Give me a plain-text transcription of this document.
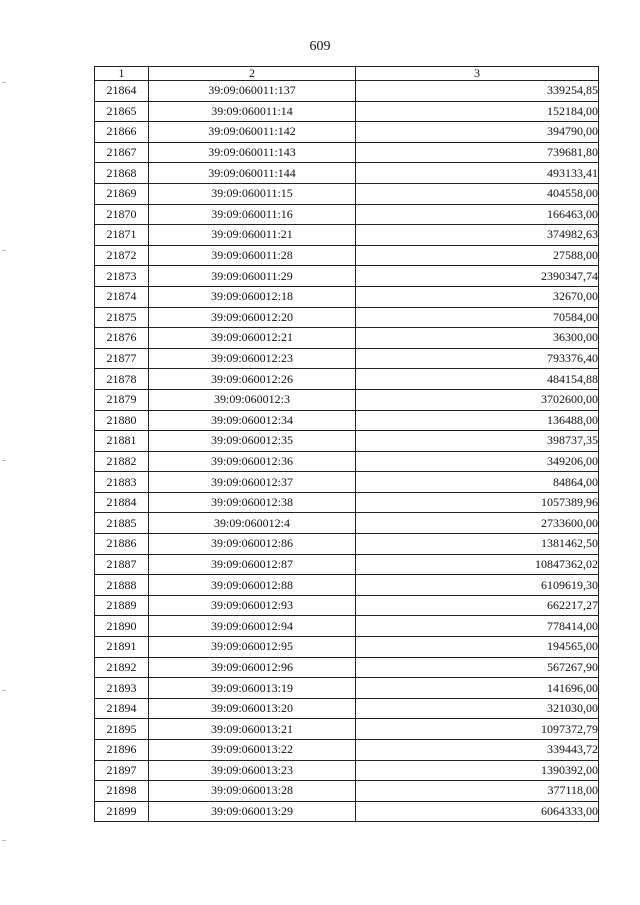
609
1	2	3
21864	39:09:060011:137	339254,85
21865	39:09:060011:14	152184,00
21866	39:09:060011:142	394790,00
21867	39:09:060011:143	739681,80
21868	39:09:060011:144	493133,41
21869	39:09:060011:15	404558,00
21870	39:09:060011:16	166463,00
21871	39:09:060011:21	374982,63
21872	39:09:060011:28	27588,00
21873	39:09:060011:29	2390347,74
21874	39:09:060012:18	32670,00
21875	39:09:060012:20	70584,00
21876	39:09:060012:21	36300,00
21877	39:09:060012:23	793376,40
21878	39:09:060012:26	484154,88
21879	39:09:060012:3	3702600,00
21880	39:09:060012:34	136488,00
21881	39:09:060012:35	398737,35
21882	39:09:060012:36	349206,00
21883	39:09:060012:37	84864,00
21884	39:09:060012:38	1057389,96
21885	39:09:060012:4	2733600,00
21886	39:09:060012:86	1381462,50
21887	39:09:060012:87	10847362,02
21888	39:09:060012:88	6109619,30
21889	39:09:060012:93	662217,27
21890	39:09:060012:94	778414,00
21891	39:09:060012:95	194565,00
21892	39:09:060012:96	567267,90
21893	39:09:060013:19	141696,00
21894	39:09:060013:20	321030,00
21895	39:09:060013:21	1097372,79
21896	39:09:060013:22	339443,72
21897	39:09:060013:23	1390392,00
21898	39:09:060013:28	377118,00
21899	39:09:060013:29	6064333,00
